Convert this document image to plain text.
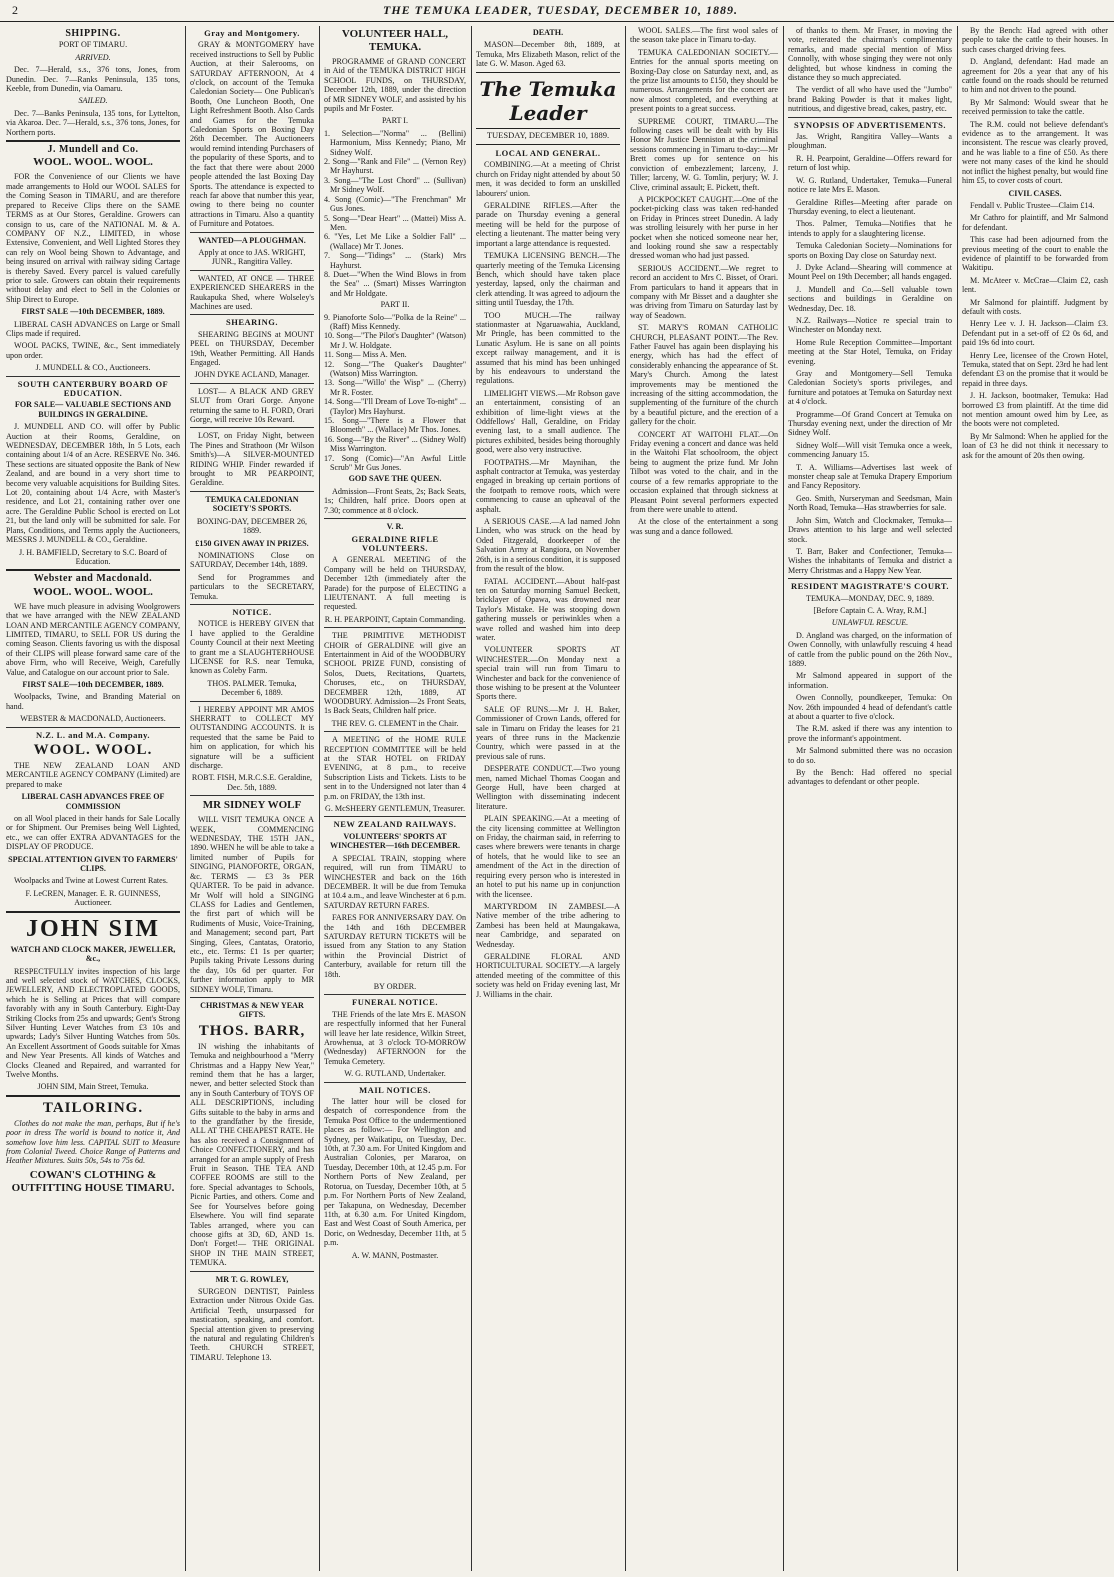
2	THE TEMUKA LEADER, TUESDAY, DECEMBER 10, 1889.
SHIPPING.
PORT OF TIMARU.
ARRIVED.

Dec. 7—Herald, s.s., 376 tons, Jones, from Dunedin. Dec. 7—Ranks Peninsula, 135 tons, Keeble, from Dunedin, via Oamaru.

SAILED.

Dec. 7—Banks Peninsula, 135 tons, for Lyttelton, via Akaroa. Dec. 7—Herald, s.s., 376 tons, Jones, for Northern ports.

J. Mundell and Co.
WOOL. WOOL. WOOL.

FOR the Convenience of our Clients we have made arrangements to Hold our WOOL SALES for the Coming Season in TIMARU, and are therefore prepared to Receive Clips there on the SAME TERMS as at Our Stores, Geraldine. Growers can consign to us, care of the NATIONAL M. & A. COMPANY OF N.Z., LIMITED, in whose Extensive, Convenient, and Well Lighted Stores they can rely on Wool being Shown to Advantage, and being insured on arrival with railway siding Cartage is thereby Saved. Every parcel is valued carefully prior to sale. Growers can obtain their requirements without delay and elect to Sell in the Colonies or Ship Direct to Europe.

FIRST SALE —10th DECEMBER, 1889.

LIBERAL CASH ADVANCES on Large or Small Clips made if required.

WOOL PACKS, TWINE, &c., Sent immediately upon order.

J. MUNDELL & CO., Auctioneers.
SOUTH CANTERBURY BOARD OF EDUCATION.
FOR SALE— VALUABLE SECTIONS AND BUILDINGS IN GERALDINE.

J. MUNDELL AND CO. will offer by Public Auction at their Rooms, Geraldine, on WEDNESDAY, DECEMBER 18th, In 5 Lots, each containing about 1/4 of an Acre. RESERVE No. 346. These sections are situated opposite the Bank of New Zealand, and are bound in a very short time to become very valuable acquisitions for Building Sites. Lot 20, containing about 1/4 Acre, with Master's residence, and Lot 21, containing rather over one acre. The Geraldine Public School is erected on Lot 21, but the land only will be submitted for sale. For Plans, Conditions, and Terms apply the Auctioneers, MESSRS J. MUNDELL & CO., Geraldine.

J. H. BAMFIELD, Secretary to S.C. Board of Education.
Webster and Macdonald.
WOOL. WOOL. WOOL.

WE have much pleasure in advising Woolgrowers that we have arranged with the NEW ZEALAND LOAN AND MERCANTILE AGENCY COMPANY, LIMITED, TIMARU, to SELL FOR US during the coming Season. Clients favoring us with the disposal of their CLIPS will please forward same care of the above Firm, who will Receive, Weigh, Carefully Value, and Catalogue on our account prior to Sale.

FIRST SALE—10th DECEMBER, 1889.

Woolpacks, Twine, and Branding Material on hand.

WEBSTER & MACDONALD, Auctioneers.
N.Z. L. and M.A. Company.
WOOL. WOOL.

THE NEW ZEALAND LOAN AND MERCANTILE AGENCY COMPANY (Limited) are prepared to make

LIBERAL CASH ADVANCES FREE OF COMMISSION

on all Wool placed in their hands for Sale Locally or for Shipment. Our Premises being Well Lighted, etc., we can offer EXTRA ADVANTAGES for the DISPLAY OF PRODUCE.

SPECIAL ATTENTION GIVEN TO FARMERS' CLIPS.

Woolpacks and Twine at Lowest Current Rates.

F. LeCREN, Manager. E. R. GUINNESS, Auctioneer.
JOHN SIM
WATCH AND CLOCK MAKER, JEWELLER, &c.,

RESPECTFULLY invites inspection of his large and well selected stock of WATCHES, CLOCKS, JEWELLERY, AND ELECTROPLATED GOODS, which he is Selling at Prices that will compare favorably with any in South Canterbury. Eight-Day Striking Clocks from 25s and upwards; Gent's Strong Silver Hunting Lever Watches from £3 10s and upwards; Lady's Silver Hunting Watches from 50s. An Excellent Assortment of Goods suitable for Xmas and New Year Presents. All kinds of Watches and Clocks Cleaned and Repaired, and warranted for Twelve Months.

JOHN SIM, Main Street, Temuka.
TAILORING.

Clothes do not make the man, perhaps, But if he's poor in dress The world is bound to notice it, And somehow love him less. CAPITAL SUIT to Measure from Colonial Tweed. Choice Range of Patterns and Heather Mixtures. Suits 50s, 54s to 75s 6d.

COWAN'S CLOTHING & OUTFITTING HOUSE TIMARU.
Gray and Montgomery.

GRAY & MONTGOMERY have received instructions to Sell by Public Auction, at their Salerooms, on SATURDAY AFTERNOON, At 4 o'clock, on account of the Temuka Caledonian Society— One Publican's Booth, One Luncheon Booth, One Light Refreshment Booth. Also Cards and Games for the Temuka Caledonian Sports on Boxing Day 26th December. The Auctioneers would remind intending Purchasers of the popularity of these Sports, and to the fact that there were about 2000 people attended the last Boxing Day Sports. The attendance is expected to reach far above that number this year, owing to there being no counter attractions in Timaru. Also a quantity of Furniture and Potatoes.

WANTED—A PLOUGHMAN.
Apply at once to JAS. WRIGHT, JUNR., Rangitira Valley.

WANTED, AT ONCE — THREE EXPERIENCED SHEARERS in the Raukapuka Shed, where Wolseley's Machines are used.

SHEARING.

SHEARING BEGINS at MOUNT PEEL on THURSDAY, December 19th, Weather Permitting. All Hands Engaged.

JOHN DYKE ACLAND, Manager.

LOST— A BLACK AND GREY SLUT from Orari Gorge. Anyone returning the same to H. FORD, Orari Gorge, will receive 10s Reward.

LOST, on Friday Night, between The Pines and Strathoon (Mr Wilson Smith's)—A SILVER-MOUNTED RIDING WHIP. Finder rewarded if brought to MR PEARPOINT, Geraldine.

TEMUKA CALEDONIAN SOCIETY'S SPORTS.
BOXING-DAY, DECEMBER 26, 1889.
£150 GIVEN AWAY IN PRIZES.

NOMINATIONS Close on SATURDAY, December 14th, 1889.

Send for Programmes and particulars to the SECRETARY, Temuka.

NOTICE.

NOTICE is HEREBY GIVEN that I have applied to the Geraldine County Council at their next Meeting to grant me a SLAUGHTERHOUSE LICENSE for R.S. near Temuka, known as Coleby Farm.

THOS. PALMER. Temuka, December 6, 1889.

I HEREBY APPOINT MR AMOS SHERRATT to COLLECT MY OUTSTANDING ACCOUNTS. It is requested that the same be Paid to him on application, for which his signature will be a sufficient discharge.

ROBT. FISH, M.R.C.S.E. Geraldine, Dec. 5th, 1889.
MR SIDNEY WOLF

WILL VISIT TEMUKA ONCE A WEEK, COMMENCING WEDNESDAY, THE 15TH JAN., 1890. WHEN he will be able to take a limited number of Pupils for SINGING, PIANOFORTE, ORGAN, &c. TERMS — £3 3s PER QUARTER. To be paid in advance. Mr Wolf will hold a SINGING CLASS for Ladies and Gentlemen, the first part of which will be Rudiments of Music, Voice-Training, and Management; second part, Part Singing, Glees, Cantatas, Oratorio, etc., etc. Terms: £1 1s per quarter; Pupils taking Private Lessons during the day, 10s 6d per quarter. For further information apply to MR SIDNEY WOLF, Timaru.

CHRISTMAS & NEW YEAR GIFTS.
THOS. BARR,

IN wishing the inhabitants of Temuka and neighbourhood a "Merry Christmas and a Happy New Year," remind them that he has a larger, newer, and better selected Stock than any in South Canterbury of TOYS OF ALL DESCRIPTIONS, including Gifts suitable to the baby in arms and to the grandfather by the fireside, ALL AT THE CHEAPEST RATE. He has also received a Consignment of Choice CONFECTIONERY, and has arranged for an ample supply of Fresh Fruit in Season. THE TEA AND COFFEE ROOMS are still to the fore. Special advantages to Schools, Picnic Parties, and others. Come and See for Yourselves before going Elsewhere. You will find separate Tables arranged, where you can choose gifts at 3D, 6D, AND 1s. Don't Forget!— THE ORIGINAL SHOP IN THE MAIN STREET, TEMUKA.

MR T. G. ROWLEY,

SURGEON DENTIST, Painless Extraction under Nitrous Oxide Gas. Artificial Teeth, unsurpassed for mastication, speaking, and comfort. Special attention given to preserving the natural and regulating Children's Teeth. CHURCH STREET, TIMARU. Telephone 13.

VOLUNTEER HALL, TEMUKA.

PROGRAMME of GRAND CONCERT in Aid of the TEMUKA DISTRICT HIGH SCHOOL FUNDS, on THURSDAY, December 12th, 1889, under the direction of MR SIDNEY WOLF, and assisted by his pupils and Mr Foster.

PART I.
1. Selection—"Norma" ... (Bellini) Harmonium, Miss Kennedy; Piano, Mr Sidney Wolf.
2. Song—"Rank and File" ... (Vernon Rey) Mr Hayhurst.
3. Song—"The Lost Chord" ... (Sullivan) Mr Sidney Wolf.
4. Song (Comic)—"The Frenchman" Mr Gus Jones.
5. Song—"Dear Heart" ... (Mattei) Miss A. Men.
6. "Yes, Let Me Like a Soldier Fall" ... (Wallace) Mr T. Jones.
7. Song—"Tidings" ... (Stark) Mrs Hayhurst.
8. Duet—"When the Wind Blows in from the Sea" ... (Smart) Misses Warrington and Mr Holdgate.
PART II.
9. Pianoforte Solo—"Polka de la Reine" ... (Raff) Miss Kennedy.
10. Song—"The Pilot's Daughter" (Watson) Mr J. W. Holdgate.
11. Song— Miss A. Men.
12. Song—"The Quaker's Daughter" (Watson) Miss Warrington.
13. Song—"Willo' the Wisp" ... (Cherry) Mr R. Foster.
14. Song—"I'll Dream of Love To-night" ... (Taylor) Mrs Hayhurst.
15. Song—"There is a Flower that Bloometh" ... (Wallace) Mr Thos. Jones.
16. Song—"By the River" ... (Sidney Wolf) Miss Warrington.
17. Song (Comic)—"An Awful Little Scrub" Mr Gus Jones.
GOD SAVE THE QUEEN.

Admission—Front Seats, 2s; Back Seats, 1s; Children, half price. Doors open at 7.30; commence at 8 o'clock.

V. R.
GERALDINE RIFLE VOLUNTEERS.

A GENERAL MEETING of the Company will be held on THURSDAY, December 12th (immediately after the Parade) for the purpose of ELECTING a LIEUTENANT. A full meeting is requested.

R. H. PEARPOINT, Captain Commanding.

THE PRIMITIVE METHODIST CHOIR of GERALDINE will give an Entertainment in Aid of the WOODBURY SCHOOL PRIZE FUND, consisting of Solos, Duets, Recitations, Quartets, Choruses, etc., on THURSDAY, DECEMBER 12th, 1889, AT WOODBURY. Admission—2s Front Seats, 1s Back Seats, Children half price.

THE REV. G. CLEMENT in the Chair.

A MEETING of the HOME RULE RECEPTION COMMITTEE will be held at the STAR HOTEL on FRIDAY EVENING, at 8 p.m., to receive Subscription Lists and Tickets. Lists to be sent in to the Undersigned not later than 4 p.m. on FRIDAY, the 13th inst.

G. McSHEERY GENTLEMUN, Treasurer.
NEW ZEALAND RAILWAYS.
VOLUNTEERS' SPORTS AT WINCHESTER—16th DECEMBER.

A SPECIAL TRAIN, stopping where required, will run from TIMARU to WINCHESTER and back on the 16th DECEMBER. It will be due from Temuka at 10.4 a.m., and leave Winchester at 6 p.m. SATURDAY RETURN FARES.

FARES FOR ANNIVERSARY DAY. On the 14th and 16th DECEMBER SATURDAY RETURN TICKETS will be issued from any Station to any Station within the Provincial District of Canterbury, available for return till the 18th.

BY ORDER.
FUNERAL NOTICE.

THE Friends of the late Mrs E. MASON are respectfully informed that her Funeral will leave her late residence, Wilkin Street, Arowhenua, at 3 o'clock TO-MORROW (Wednesday) AFTERNOON for the Temuka Cemetery.

W. G. RUTLAND, Undertaker.
MAIL NOTICES.

The latter hour will be closed for despatch of correspondence from the Temuka Post Office to the undermentioned places as follow:— For Wellington and Sydney, per Waikatipu, on Tuesday, Dec. 10th, at 7.30 a.m. For United Kingdom and Australian Colonies, per Mararoa, on Tuesday, December 10th, at 12.45 p.m. For Northern Ports of New Zealand, per Rotorua, on Tuesday, December 10th, at 5 p.m. For Northern Ports of New Zealand, per Takapuna, on Wednesday, December 11th, at 6.30 a.m. For United Kingdom, East and West Coast of South America, per Doric, on Wednesday, December 11th, at 5 p.m.

A. W. MANN, Postmaster.
DEATH.

MASON—December 8th, 1889, at Temuka, Mrs Elizabeth Mason, relict of the late G. W. Mason. Aged 63.

The Temuka Leader
TUESDAY, DECEMBER 10, 1889.
LOCAL AND GENERAL.

COMBINING.—At a meeting of Christ church on Friday night attended by about 50 men, it was decided to form an unskilled labourers' union.

GERALDINE RIFLES.—After the parade on Thursday evening a general meeting will be held for the purpose of electing a lieutenant. The matter being very important a large attendance is requested.

TEMUKA LICENSING BENCH.—The quarterly meeting of the Temuka Licensing Bench, which should have taken place yesterday, lapsed, only the chairman and clerk attending. It was agreed to adjourn the sitting until Tuesday, the 17th.

TOO MUCH.—The railway stationmaster at Ngaruawahia, Auckland, Mr Pringle, has been committed to the Lunatic Asylum. He is sane on all points except railway management, and it is assumed that his mind has been unhinged by his endeavours to understand the regulations.

LIMELIGHT VIEWS.—Mr Robson gave an entertainment, consisting of an exhibition of lime-light views at the Oddfellows' Hall, Geraldine, on Friday evening last, to a small audience. The pictures exhibited, besides being thoroughly good, were also very instructive.

FOOTPATHS.—Mr Maynihan, the asphalt contractor at Temuka, was yesterday engaged in breaking up certain portions of the footpath to remove roots, which were commencing to cause an upheaval of the asphalt.

A SERIOUS CASE.—A lad named John Linden, who was struck on the head by Oded Fitzgerald, doorkeeper of the Salvation Army at Rangiora, on November 26th, is in a serious condition, it is supposed from the result of the blow.

FATAL ACCIDENT.—About half-past ten on Saturday morning Samuel Beckett, bricklayer of Opawa, was drowned near Taylor's Mistake. He was stooping down gathering mussels or periwinkles when a wave rolled and washed him into deep water.

VOLUNTEER SPORTS AT WINCHESTER.—On Monday next a special train will run from Timaru to Winchester and back for the convenience of those wishing to be present at the Volunteer Sports there.

SALE OF RUNS.—Mr J. H. Baker, Commissioner of Crown Lands, offered for sale in Timaru on Friday the leases for 21 years of three runs in the Mackenzie Country, which were passed in at the previous sale of runs.

DESPERATE CONDUCT.—Two young men, named Michael Thomas Coogan and George Hull, have been charged at Wellington with disseminating indecent literature.

PLAIN SPEAKING.—At a meeting of the city licensing committee at Wellington on Friday, the chairman said, in referring to cases where brewers were tenants in charge of hotels, that he would like to see an amendment of the Act in the direction of requiring every person who is interested in an hotel to put his name up in conjunction with the licensee.

MARTYRDOM IN ZAMBESI.—A Native member of the tribe adhering to Zambesi has been held at Maungakawa, near Cambridge, and separated on Wednesday.

GERALDINE FLORAL AND HORTICULTURAL SOCIETY.—A largely attended meeting of the committee of this society was held on Friday evening last, Mr J. Williams in the chair.

WOOL SALES.—The first wool sales of the season take place in Timaru to-day.

TEMUKA CALEDONIAN SOCIETY.—Entries for the annual sports meeting on Boxing-Day close on Saturday next, and, as the prize list amounts to £150, they should be numerous. Arrangements for the concert are now almost completed, and everything at present points to a great success.

SUPREME COURT, TIMARU.—The following cases will be dealt with by His Honor Mr Justice Denniston at the criminal sessions commencing in Timaru to-day:—Mr Brett comes up for sentence on his conviction of embezzlement; larceny, J. Tiller; larceny, W. G. Tomlin, perjury; W. J. Clive, criminal assault; E. Pickett, theft.

A PICKPOCKET CAUGHT.—One of the pocket-picking class was taken red-handed on Friday in Princes street Dunedin. A lady was strolling leisurely with her purse in her pocket when she noticed someone near her, and looking round she saw a respectably dressed woman who had just passed.

SERIOUS ACCIDENT.—We regret to record an accident to Mrs C. Bisset, of Orari. From particulars to hand it appears that in company with Mr Bisset and a daughter she was driving from Timaru on Saturday last by way of Seadown.

ST. MARY'S ROMAN CATHOLIC CHURCH, PLEASANT POINT.—The Rev. Father Fauvel has again been displaying his energy, which has had the effect of considerably enhancing the appearance of St. Mary's Church. Among the latest improvements may be mentioned the increasing of the sitting accommodation, the supplementing of the furniture of the church by a beautiful picture, and the erection of a gallery for the choir.

CONCERT AT WAITOHI FLAT.—On Friday evening a concert and dance was held in the Waitohi Flat schoolroom, the object being to augment the prize fund. Mr John Tilbot was voted to the chair, and in the course of a few remarks appropriate to the occasion explained that through sickness at Pleasant Point several performers expected from there were unable to attend.

At the close of the entertainment a song was sung and a dance followed.

of thanks to them. Mr Fraser, in moving the vote, reiterated the chairman's complimentary remarks, and made special mention of Miss Connolly, with whose singing they were not only delighted, but whose kindness in coming the distance they so much appreciated.

The verdict of all who have used the "Jumbo" brand Baking Powder is that it makes light, nutritious, and digestive bread, cakes, pastry, etc.

SYNOPSIS OF ADVERTISEMENTS.

Jas. Wright, Rangitira Valley—Wants a ploughman.

R. H. Pearpoint, Geraldine—Offers reward for return of lost whip.

W. G. Rutland, Undertaker, Temuka—Funeral notice re late Mrs E. Mason.

Geraldine Rifles—Meeting after parade on Thursday evening, to elect a lieutenant.

Thos. Palmer, Temuka—Notifies that he intends to apply for a slaughtering license.

Temuka Caledonian Society—Nominations for sports on Boxing Day close on Saturday next.

J. Dyke Acland—Shearing will commence at Mount Peel on 19th December; all hands engaged.

J. Mundell and Co.—Sell valuable town sections and buildings in Geraldine on Wednesday, Dec. 18.

N.Z. Railways—Notice re special train to Winchester on Monday next.

Home Rule Reception Committee—Important meeting at the Star Hotel, Temuka, on Friday evening.

Gray and Montgomery—Sell Temuka Caledonian Society's sports privileges, and furniture and potatoes at Temuka on Saturday next at 4 o'clock.

Programme—Of Grand Concert at Temuka on Thursday evening next, under the direction of Mr Sidney Wolf.

Sidney Wolf—Will visit Temuka once a week, commencing January 15.

T. A. Williams—Advertises last week of monster cheap sale at Temuka Drapery Emporium and Fancy Repository.

Geo. Smith, Nurseryman and Seedsman, Main North Road, Temuka—Has strawberries for sale.

John Sim, Watch and Clockmaker, Temuka—Draws attention to his large and well selected stock.

T. Barr, Baker and Confectioner, Temuka—Wishes the inhabitants of Temuka and district a Merry Christmas and a Happy New Year.

RESIDENT MAGISTRATE'S COURT.
TEMUKA—MONDAY, DEC. 9, 1889.
[Before Captain C. A. Wray, R.M.]
UNLAWFUL RESCUE.

D. Angland was charged, on the information of Owen Connolly, with unlawfully rescuing 4 head of cattle from the public pound on the 26th Nov., 1889.

Mr Salmond appeared in support of the information.

Owen Connolly, poundkeeper, Temuka: On Nov. 26th impounded 4 head of defendant's cattle at about a quarter to five o'clock.

The R.M. asked if there was any intention to prove the informant's appointment.

Mr Salmond submitted there was no occasion to do so.

By the Bench: Had offered no special advantages to defendant or other people.

By the Bench: Had agreed with other people to take the cattle to their houses. In such cases charged driving fees.

D. Angland, defendant: Had made an agreement for 20s a year that any of his cattle found on the roads should be returned to him and not driven to the pound.

By Mr Salmond: Would swear that he received permission to take the cattle.

The R.M. could not believe defendant's evidence as to the arrangement. It was inconsistent. The rescue was clearly proved, and he was liable to a fine of £50. As there were not many cases of the kind he should not inflict the highest penalty, but would fine him £5, to cover costs of court.

CIVIL CASES.

Fendall v. Public Trustee—Claim £14.

Mr Cathro for plaintiff, and Mr Salmond for defendant.

This case had been adjourned from the previous meeting of the court to enable the evidence of plaintiff to be forwarded from Wakitipu.

M. McAteer v. McCrae—Claim £2, cash lent.

Mr Salmond for plaintiff. Judgment by default with costs.

Henry Lee v. J. H. Jackson—Claim £3. Defendant put in a set-off of £2 0s 6d, and paid 19s 6d into court.

Henry Lee, licensee of the Crown Hotel, Temuka, stated that on Sept. 23rd he had lent defendant £3 on the promise that it would be repaid in three days.

J. H. Jackson, bootmaker, Temuka: Had borrowed £3 from plaintiff. At the time did not mention amount owed him by Lee, as the boots were not completed.

By Mr Salmond: When he applied for the loan of £3 he did not think it necessary to ask for the amount of 20s then owing.
